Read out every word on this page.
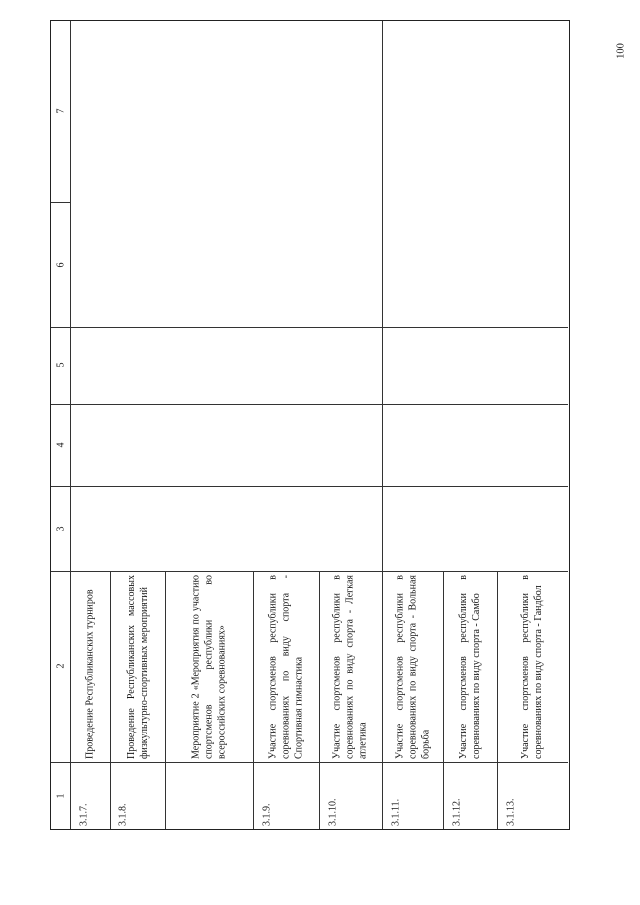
100
1
2
3
4
5
6
7
3.1.7.
Проведение Республиканских турниров
3.1.8.
Проведение Республиканских массовых физкультурно-спортивных мероприятий	Мероприятие 2 «Мероприятия по участию спортсменов республики во всероссийских соревнованиях»
3.1.9.
Участие спортсменов республики в соревнованиях по виду спорта - Спортивная гимнастика
3.1.10.
Участие спортсменов республики в соревнованиях по виду спорта - Легкая атлетика
3.1.11.
Участие спортсменов республики в соревнованиях по виду спорта - Вольная борьба
3.1.12.
Участие спортсменов республики в соревнованиях по виду спорта - Самбо
3.1.13.
Участие спортсменов республики в соревнованиях по виду спорта - Гандбол
